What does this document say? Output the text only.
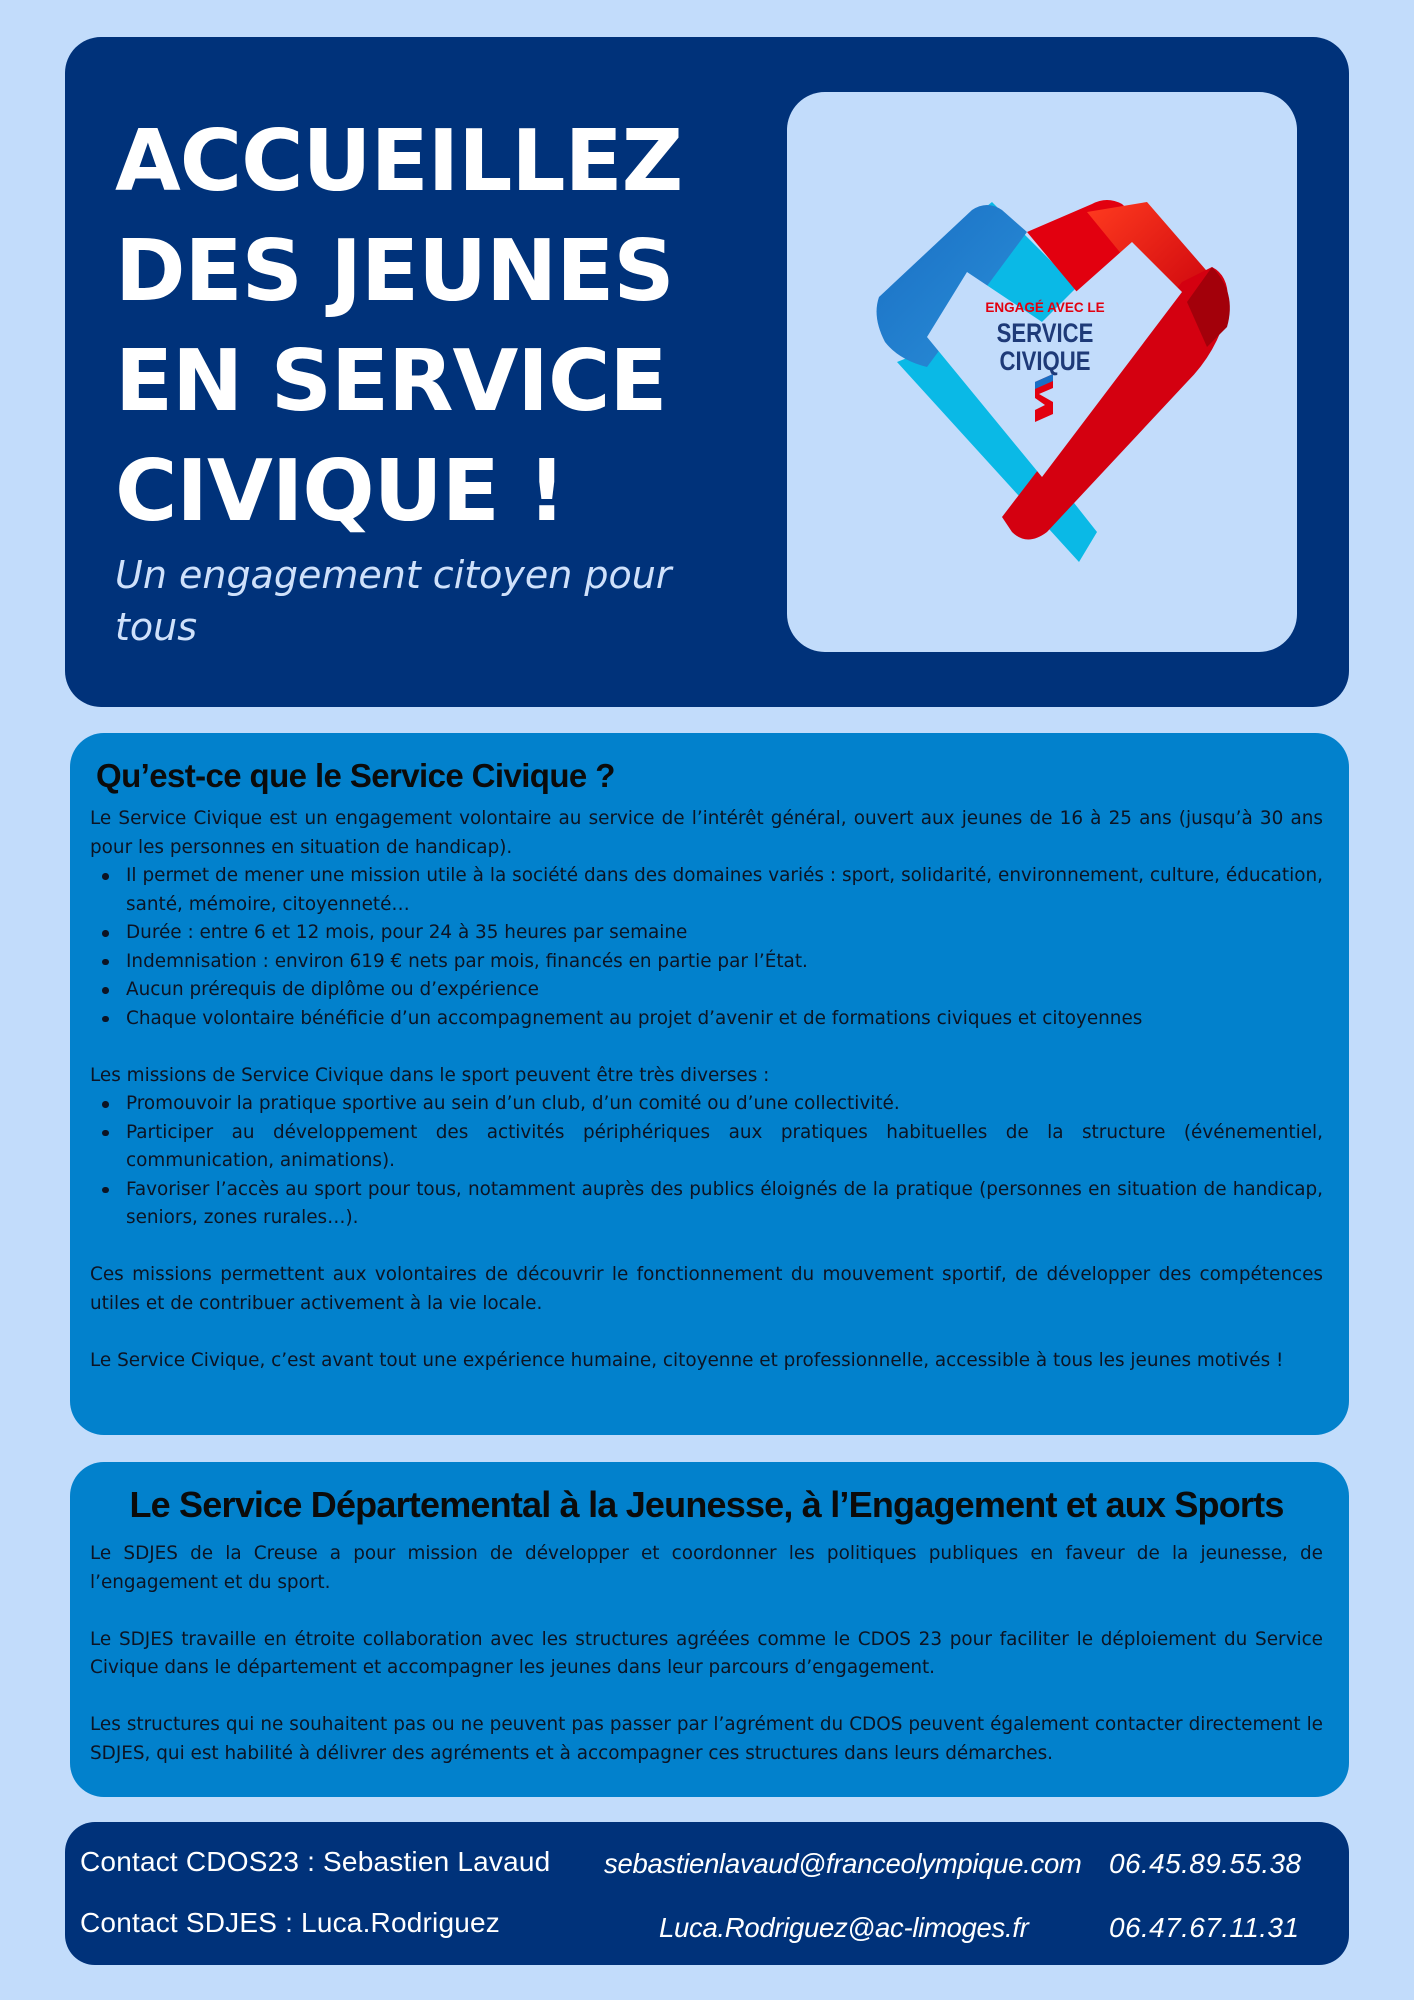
ACCUEILLEZ
DES JEUNES
EN SERVICE
CIVIQUE !

Un engagement citoyen pour tous

ENGAGÉ AVEC LE
SERVICE
CIVIQUE
Qu’est-ce que le Service Civique ?

Le Service Civique est un engagement volontaire au service de l’intérêt général, ouvert aux jeunes de 16 à 25 ans (jusqu’à 30 ans pour les personnes en situation de handicap).

Il permet de mener une mission utile à la société dans des domaines variés : sport, solidarité, environnement, culture, éducation, santé, mémoire, citoyenneté…
Durée : entre 6 et 12 mois, pour 24 à 35 heures par semaine
Indemnisation : environ 619 € nets par mois, financés en partie par l’État.
Aucun prérequis de diplôme ou d’expérience
Chaque volontaire bénéficie d’un accompagnement au projet d’avenir et de formations civiques et citoyennes

Les missions de Service Civique dans le sport peuvent être très diverses :

Promouvoir la pratique sportive au sein d’un club, d’un comité ou d’une collectivité.
Participer au développement des activités périphériques aux pratiques habituelles de la structure (événementiel, communication, animations).
Favoriser l’accès au sport pour tous, notamment auprès des publics éloignés de la pratique (personnes en situation de handicap, seniors, zones rurales…).

Ces missions permettent aux volontaires de découvrir le fonctionnement du mouvement sportif, de développer des compétences utiles et de contribuer activement à la vie locale.

Le Service Civique, c’est avant tout une expérience humaine, citoyenne et professionnelle, accessible à tous les jeunes motivés !

Le Service Départemental à la Jeunesse, à l’Engagement et aux Sports

Le SDJES de la Creuse a pour mission de développer et coordonner les politiques publiques en faveur de la jeunesse, de l’engagement et du sport.

Le SDJES travaille en étroite collaboration avec les structures agréées comme le CDOS 23 pour faciliter le déploiement du Service Civique dans le département et accompagner les jeunes dans leur parcours d’engagement.

Les structures qui ne souhaitent pas ou ne peuvent pas passer par l’agrément du CDOS peuvent également contacter directement le SDJES, qui est habilité à délivrer des agréments et à accompagner ces structures dans leurs démarches.

Contact CDOS23 : Sebastien Lavaud sebastienlavaud@franceolympique.com 06.45.89.55.38
Contact SDJES : Luca.Rodriguez	Luca.Rodriguez@ac-limoges.fr	06.47.67.11.31
